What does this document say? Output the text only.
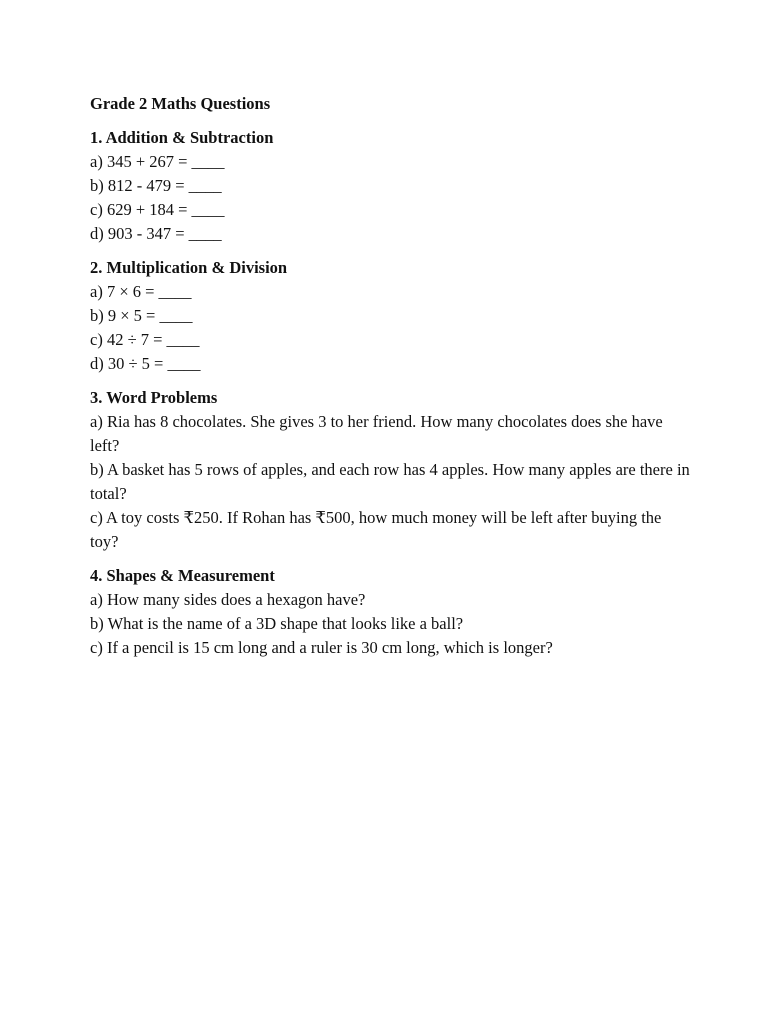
Grade 2 Maths Questions
1. Addition & Subtraction
a) 345 + 267 = ____
b) 812 - 479 = ____
c) 629 + 184 = ____
d) 903 - 347 = ____
2. Multiplication & Division
a) 7 × 6 = ____
b) 9 × 5 = ____
c) 42 ÷ 7 = ____
d) 30 ÷ 5 = ____
3. Word Problems
a) Ria has 8 chocolates. She gives 3 to her friend. How many chocolates does she have left?
b) A basket has 5 rows of apples, and each row has 4 apples. How many apples are there in total?
c) A toy costs ₹250. If Rohan has ₹500, how much money will be left after buying the toy?
4. Shapes & Measurement
a) How many sides does a hexagon have?
b) What is the name of a 3D shape that looks like a ball?
c) If a pencil is 15 cm long and a ruler is 30 cm long, which is longer?
